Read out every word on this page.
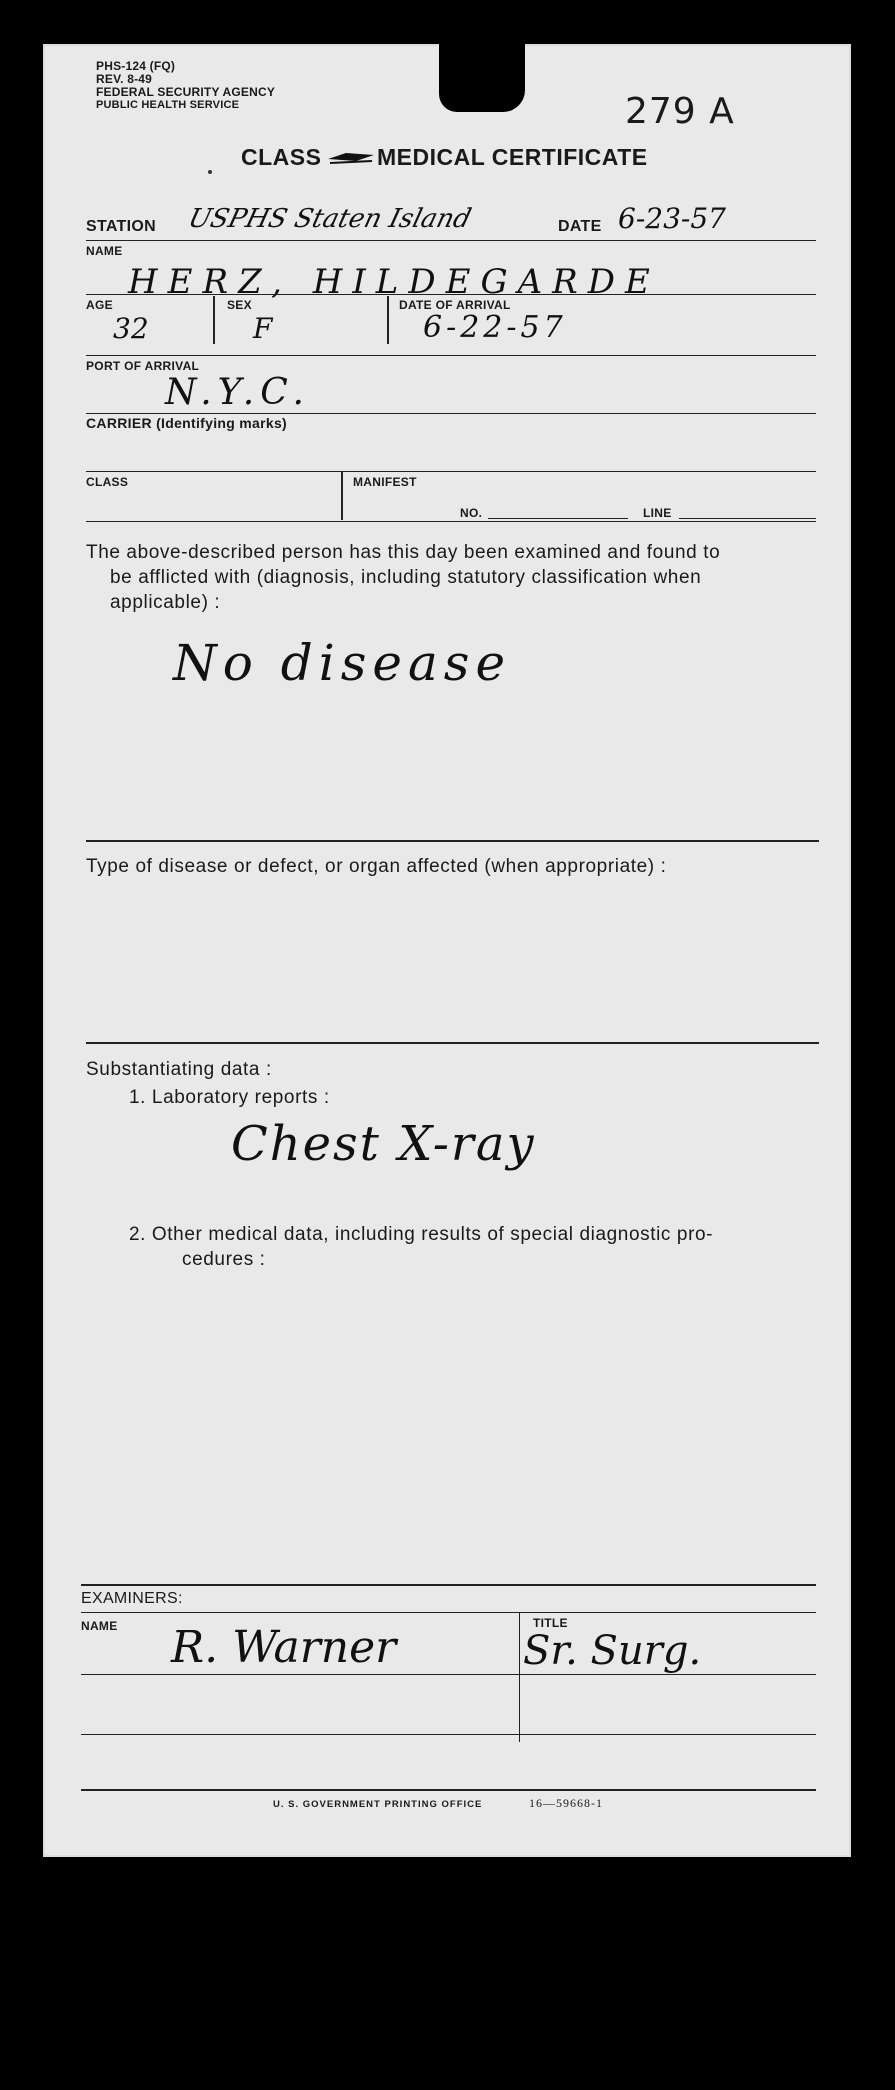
PHS-124 (FQ)
REV. 8-49
FEDERAL SECURITY AGENCY
PUBLIC HEALTH SERVICE	279 A
CLASS MEDICAL CERTIFICATE
STATION USPHS Staten Island	DATE 6-23-57
NAME
HERZ, HILDEGARDE
AGE	SEX	DATE OF ARRIVAL
32	F	6-22-57
PORT OF ARRIVAL
N.Y.C.
CARRIER (Identifying marks)
CLASS	MANIFEST
NO.	LINE
The above-described person has this day been examined and found to
be afflicted with (diagnosis, including statutory classification when
applicable) :
No disease
Type of disease or defect, or organ affected (when appropriate) :
Substantiating data :
1. Laboratory reports :
Chest X-ray
2. Other medical data, including results of special diagnostic pro-
cedures :
EXAMINERS:
NAME	TITLE
R. Warner	Sr. Surg.
U. S. GOVERNMENT PRINTING OFFICE	16—59668-1
